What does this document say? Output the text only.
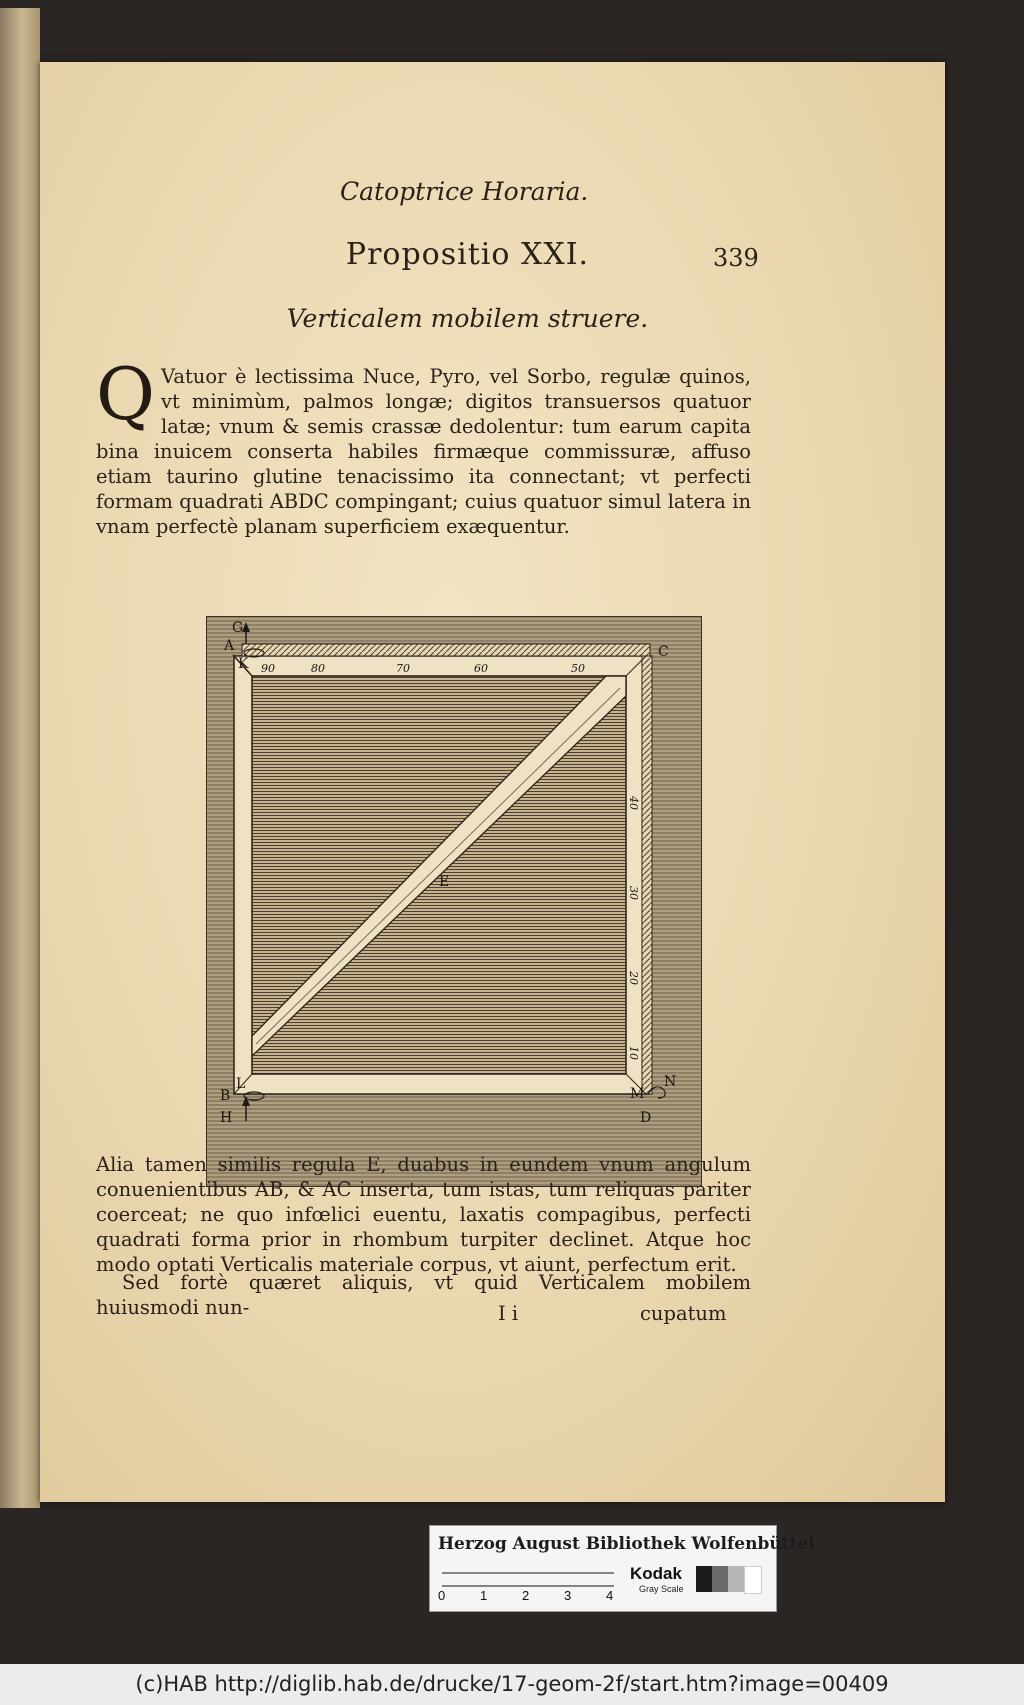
Catoptrice Horaria.
339
Propositio XXI.
Verticalem mobilem struere.
Q Vatuor è lectissima Nuce, Pyro, vel Sorbo, regulæ quinos, vt minimùm, palmos longæ; digitos transuersos quatuor latæ; vnum & semis crassæ dedolentur: tum earum capita bina inuicem conserta habiles firmæque commissuræ, affuso etiam taurino glutine tenacissimo ita connectant; vt perfecti formam quadrati ABDC compingant; cuius quatuor simul latera in vnam perfectè planam superficiem exæquentur.
G
A
K
C
E
B
H
L
M
N
D
90	80	70	60	50
40
30
20
10
Alia tamen similis regula E, duabus in eundem vnum angulum conuenientibus AB, & AC inserta, tum istas, tum reliquas pariter coerceat; ne quo infœlici euentu, laxatis compagibus, perfecti quadrati forma prior in rhombum turpiter declinet. Atque hoc modo optati Verticalis materiale corpus, vt aiunt, perfectum erit.
Sed fortè quæret aliquis, vt quid Verticalem mobilem huiusmodi nun-	I i	cupatum
Herzog August Bibliothek Wolfenbüttel
0	1	2	3	4
Kodak
Gray Scale
(c)HAB http://diglib.hab.de/drucke/17-geom-2f/start.htm?image=00409
